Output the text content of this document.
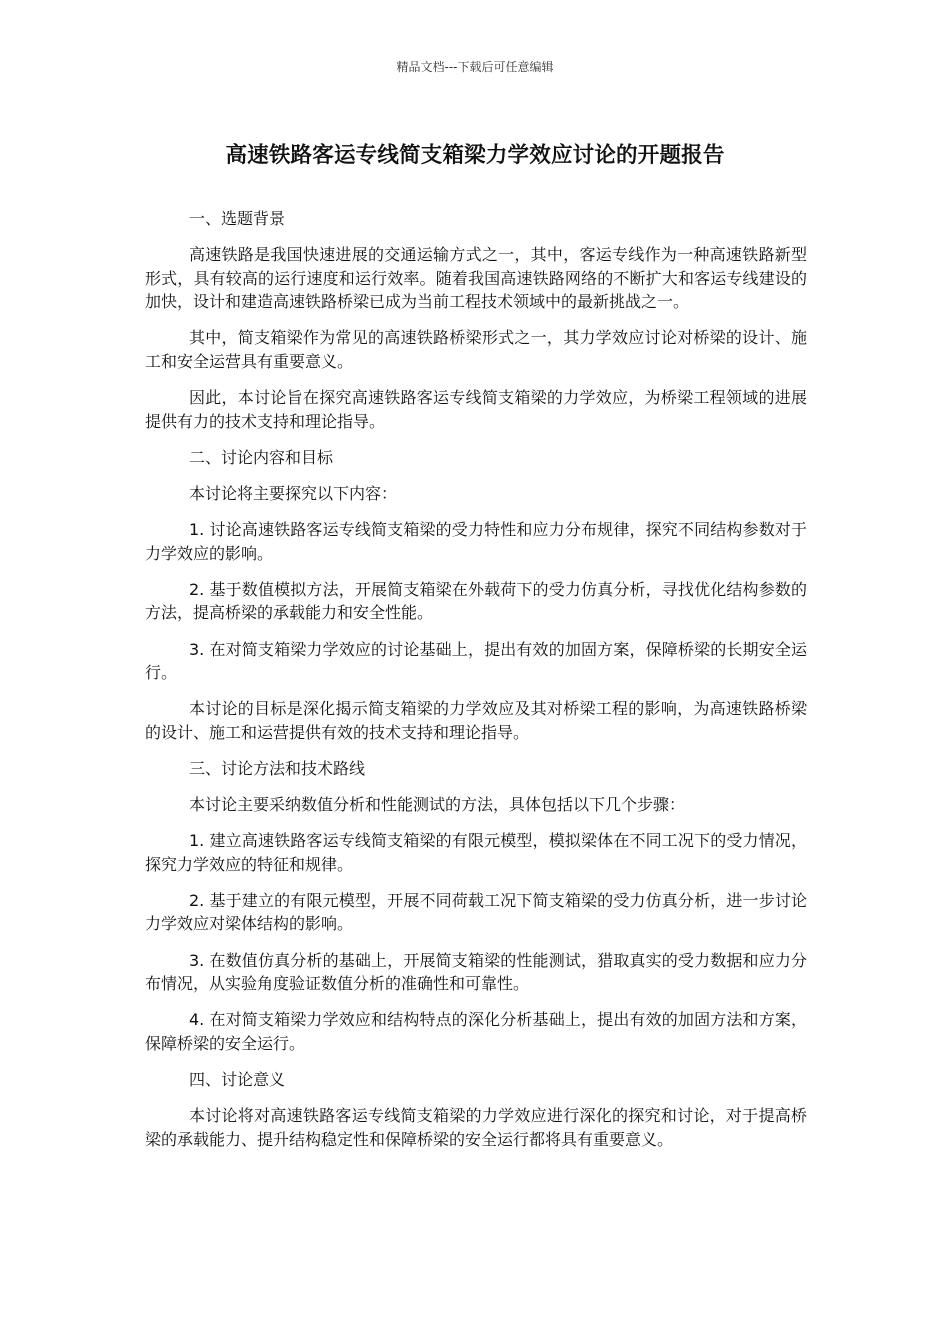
精品文档---下载后可任意编辑
高速铁路客运专线简支箱梁力学效应讨论的开题报告

一、选题背景

高速铁路是我国快速进展的交通运输方式之一，其中，客运专线作为一种高速铁路新型形式，具有较高的运行速度和运行效率。随着我国高速铁路网络的不断扩大和客运专线建设的加快，设计和建造高速铁路桥梁已成为当前工程技术领域中的最新挑战之一。

其中，简支箱梁作为常见的高速铁路桥梁形式之一，其力学效应讨论对桥梁的设计、施工和安全运营具有重要意义。

因此，本讨论旨在探究高速铁路客运专线简支箱梁的力学效应，为桥梁工程领域的进展提供有力的技术支持和理论指导。

二、讨论内容和目标

本讨论将主要探究以下内容：

1. 讨论高速铁路客运专线简支箱梁的受力特性和应力分布规律，探究不同结构参数对于力学效应的影响。

2. 基于数值模拟方法，开展简支箱梁在外载荷下的受力仿真分析，寻找优化结构参数的方法，提高桥梁的承载能力和安全性能。

3. 在对简支箱梁力学效应的讨论基础上，提出有效的加固方案，保障桥梁的长期安全运行。

本讨论的目标是深化揭示简支箱梁的力学效应及其对桥梁工程的影响，为高速铁路桥梁的设计、施工和运营提供有效的技术支持和理论指导。

三、讨论方法和技术路线

本讨论主要采纳数值分析和性能测试的方法，具体包括以下几个步骤：

1. 建立高速铁路客运专线简支箱梁的有限元模型，模拟梁体在不同工况下的受力情况，探究力学效应的特征和规律。

2. 基于建立的有限元模型，开展不同荷载工况下简支箱梁的受力仿真分析，进一步讨论力学效应对梁体结构的影响。

3. 在数值仿真分析的基础上，开展简支箱梁的性能测试，猎取真实的受力数据和应力分布情况，从实验角度验证数值分析的准确性和可靠性。

4. 在对简支箱梁力学效应和结构特点的深化分析基础上，提出有效的加固方法和方案，保障桥梁的安全运行。

四、讨论意义

本讨论将对高速铁路客运专线简支箱梁的力学效应进行深化的探究和讨论，对于提高桥梁的承载能力、提升结构稳定性和保障桥梁的安全运行都将具有重要意义。
